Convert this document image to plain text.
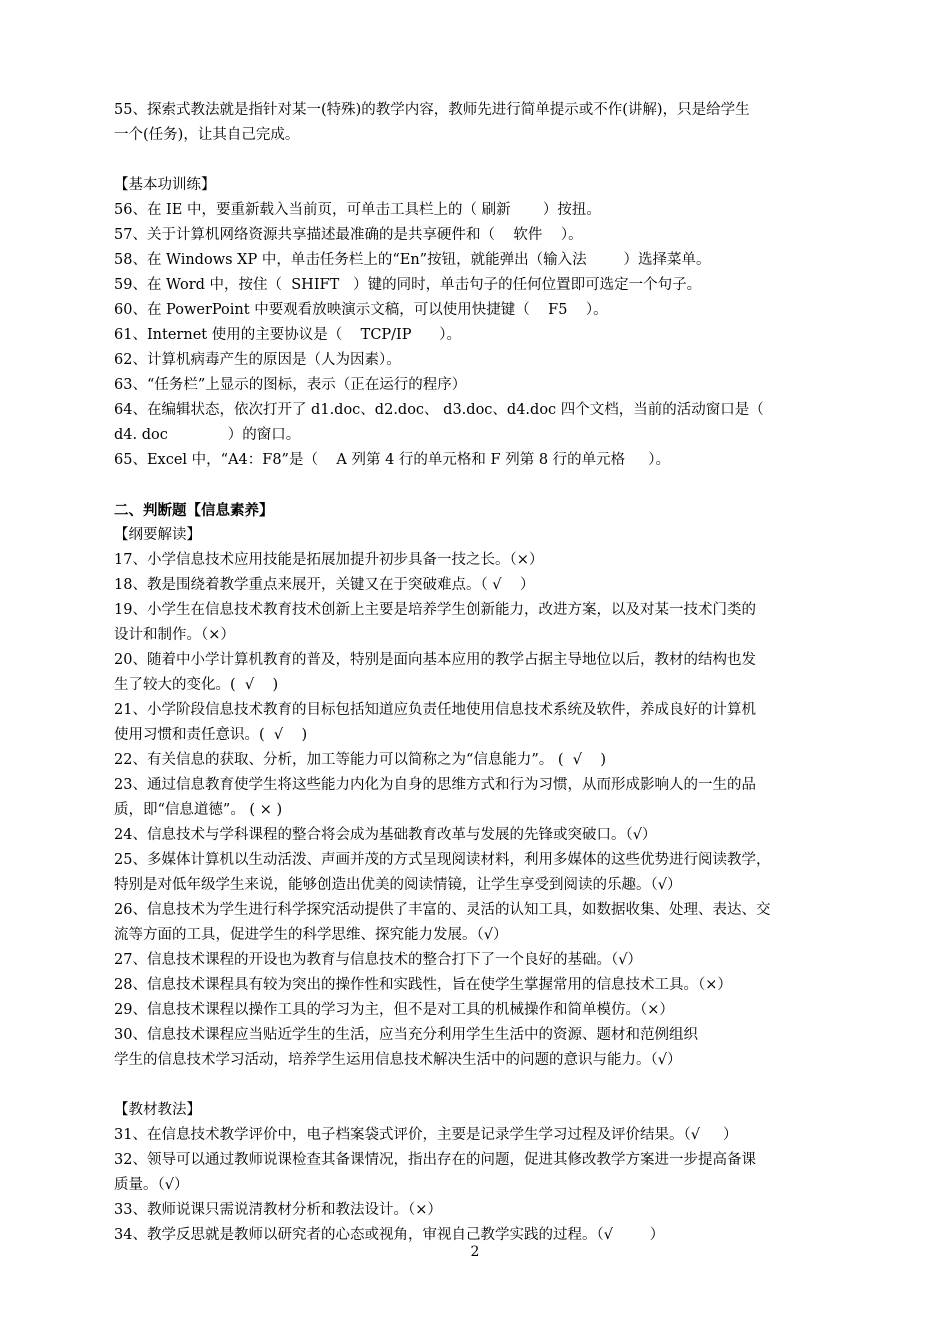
55、探索式教法就是指针对某一(特殊)的教学内容，教师先进行简单提示或不作(讲解)，只是给学生
一个(任务)，让其自己完成。
【基本功训练】
56、在 IE 中，要重新载入当前页，可单击工具栏上的（ 刷新       ）按扭。
57、关于计算机网络资源共享描述最准确的是共享硬件和（    软件    ）。
58、在 Windows XP 中，单击任务栏上的“En”按钮，就能弹出（输入法        ）选择菜单。
59、在 Word 中，按住（  SHIFT   ）键的同时，单击句子的任何位置即可选定一个句子。
60、在 PowerPoint 中要观看放映演示文稿，可以使用快捷键（    F5    ）。
61、Internet 使用的主要协议是（    TCP/IP      ）。
62、计算机病毒产生的原因是（人为因素）。
63、“任务栏”上显示的图标，表示（正在运行的程序）
64、在编辑状态，依次打开了 d1.doc、d2.doc、 d3.doc、d4.doc 四个文档，当前的活动窗口是（
d4. doc             ）的窗口。
65、Excel 中，“A4：F8”是（    A 列第 4 行的单元格和 F 列第 8 行的单元格     ）。
二、判断题【信息素养】
【纲要解读】
17、小学信息技术应用技能是拓展加提升初步具备一技之长。（×）
18、教是围绕着教学重点来展开，关键又在于突破难点。（ √    ）
19、小学生在信息技术教育技术创新上主要是培养学生创新能力，改进方案，以及对某一技术门类的
设计和制作。（×）
20、随着中小学计算机教育的普及，特别是面向基本应用的教学占据主导地位以后，教材的结构也发
生了较大的变化。(  √    )
21、小学阶段信息技术教育的目标包括知道应负责任地使用信息技术系统及软件，养成良好的计算机
使用习惯和责任意识。(  √    )
22、有关信息的获取、分析，加工等能力可以简称之为“信息能力”。 (  √    )
23、通过信息教育使学生将这些能力内化为自身的思维方式和行为习惯，从而形成影响人的一生的品
质，即“信息道德”。 ( × )
24、信息技术与学科课程的整合将会成为基础教育改革与发展的先锋或突破口。（√）
25、多媒体计算机以生动活泼、声画并茂的方式呈现阅读材料，利用多媒体的这些优势进行阅读教学，
特别是对低年级学生来说，能够创造出优美的阅读情镜，让学生享受到阅读的乐趣。（√）
26、信息技术为学生进行科学探究活动提供了丰富的、灵活的认知工具，如数据收集、处理、表达、交
流等方面的工具，促进学生的科学思维、探究能力发展。（√）
27、信息技术课程的开设也为教育与信息技术的整合打下了一个良好的基础。（√）
28、信息技术课程具有较为突出的操作性和实践性，旨在使学生掌握常用的信息技术工具。（×）
29、信息技术课程以操作工具的学习为主，但不是对工具的机械操作和简单模仿。（×）
30、信息技术课程应当贴近学生的生活，应当充分利用学生生活中的资源、题材和范例组织
学生的信息技术学习活动，培养学生运用信息技术解决生活中的问题的意识与能力。（√）
【教材教法】
31、在信息技术教学评价中，电子档案袋式评价，主要是记录学生学习过程及评价结果。（√     ）
32、领导可以通过教师说课检查其备课情况，指出存在的问题，促进其修改教学方案进一步提高备课
质量。（√）
33、教师说课只需说清教材分析和教法设计。（×）
34、教学反思就是教师以研究者的心态或视角，审视自己教学实践的过程。（√        ）
2
